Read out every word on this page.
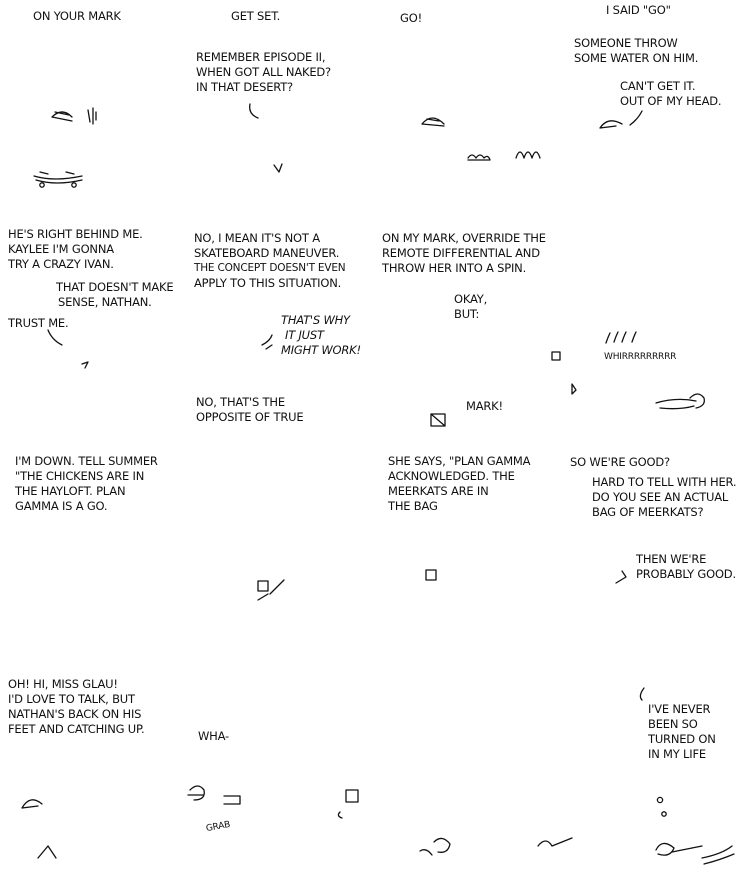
ON YOUR MARK	GET SET.	GO!
I SAID "GO"
SOMEONE THROW
SOME WATER ON HIM.
CAN'T GET IT.
OUT OF MY HEAD.
REMEMBER EPISODE II,
WHEN GOT ALL NAKED?
IN THAT DESERT?
HE'S RIGHT BEHIND ME.
KAYLEE I'M GONNA
TRY A CRAZY IVAN.
THAT DOESN'T MAKE
SENSE, NATHAN.
TRUST ME.
NO, I MEAN IT'S NOT A
SKATEBOARD MANEUVER.
THE CONCEPT DOESN'T EVEN
APPLY TO THIS SITUATION.
THAT'S WHY
IT JUST
MIGHT WORK!
NO, THAT'S THE
OPPOSITE OF TRUE
ON MY MARK, OVERRIDE THE
REMOTE DIFFERENTIAL AND
THROW HER INTO A SPIN.
OKAY,
BUT:
MARK!
WHIRRRRRRRRR
I'M DOWN. TELL SUMMER
"THE CHICKENS ARE IN
THE HAYLOFT. PLAN
GAMMA IS A GO.
SHE SAYS, "PLAN GAMMA
ACKNOWLEDGED. THE
MEERKATS ARE IN
THE BAG
SO WE'RE GOOD?
HARD TO TELL WITH HER.
DO YOU SEE AN ACTUAL
BAG OF MEERKATS?
THEN WE'RE
PROBABLY GOOD.
OH! HI, MISS GLAU!
I'D LOVE TO TALK, BUT
NATHAN'S BACK ON HIS
FEET AND CATCHING UP.	WHA-
GRAB
I'VE NEVER
BEEN SO
TURNED ON
IN MY LIFE
